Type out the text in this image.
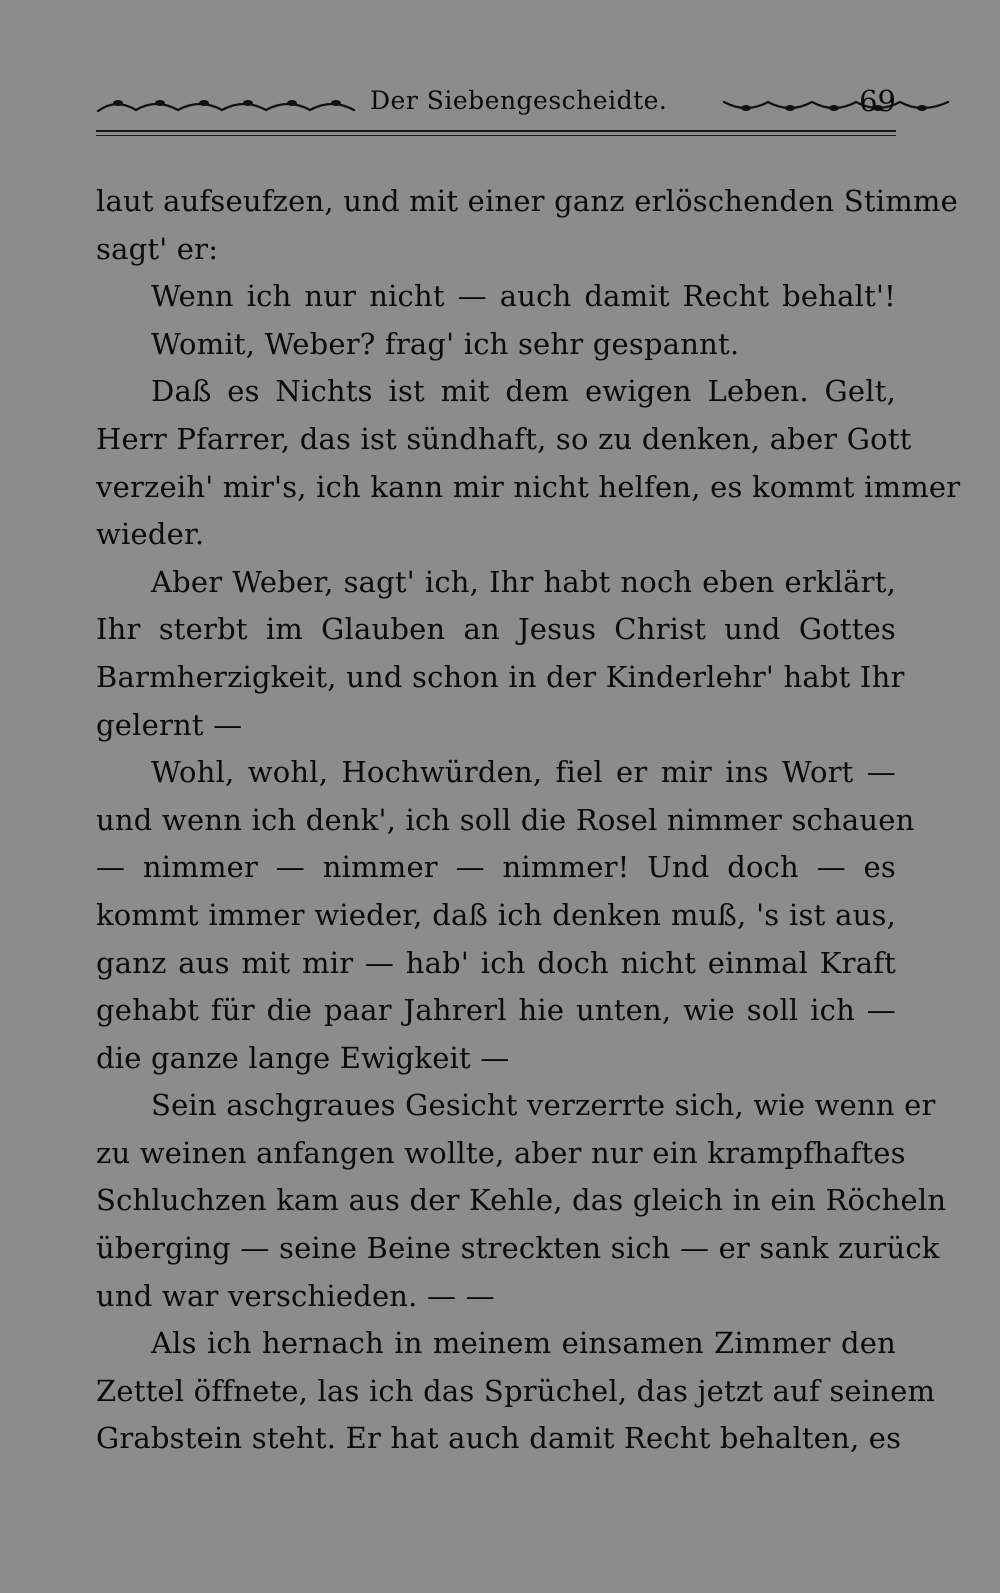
Der Siebengescheidte.	69
laut aufseufzen, und mit einer ganz erlöschenden Stimme
sagt' er:
Wenn ich nur nicht — auch damit Recht behalt'!
Womit, Weber? frag' ich sehr gespannt.
Daß es Nichts ist mit dem ewigen Leben. Gelt,
Herr Pfarrer, das ist sündhaft, so zu denken, aber Gott
verzeih' mir's, ich kann mir nicht helfen, es kommt immer
wieder.
Aber Weber, sagt' ich, Ihr habt noch eben erklärt,
Ihr sterbt im Glauben an Jesus Christ und Gottes
Barmherzigkeit, und schon in der Kinderlehr' habt Ihr
gelernt —
Wohl, wohl, Hochwürden, fiel er mir ins Wort —
und wenn ich denk', ich soll die Rosel nimmer schauen
— nimmer — nimmer — nimmer! Und doch — es
kommt immer wieder, daß ich denken muß, 's ist aus,
ganz aus mit mir — hab' ich doch nicht einmal Kraft
gehabt für die paar Jahrerl hie unten, wie soll ich —
die ganze lange Ewigkeit —
Sein aschgraues Gesicht verzerrte sich, wie wenn er
zu weinen anfangen wollte, aber nur ein krampfhaftes
Schluchzen kam aus der Kehle, das gleich in ein Röcheln
überging — seine Beine streckten sich — er sank zurück
und war verschieden. — —
Als ich hernach in meinem einsamen Zimmer den
Zettel öffnete, las ich das Sprüchel, das jetzt auf seinem
Grabstein steht. Er hat auch damit Recht behalten, es
